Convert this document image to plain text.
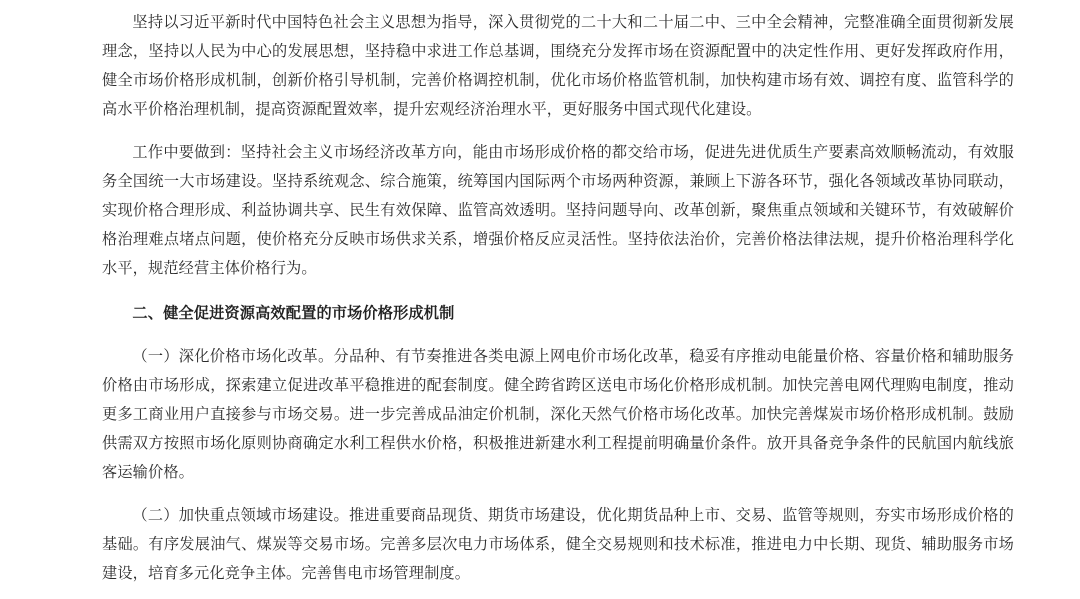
坚持以习近平新时代中国特色社会主义思想为指导，深入贯彻党的二十大和二十届二中、三中全会精神，完整准确全面贯彻新发展理念，坚持以人民为中心的发展思想，坚持稳中求进工作总基调，围绕充分发挥市场在资源配置中的决定性作用、更好发挥政府作用，健全市场价格形成机制，创新价格引导机制，完善价格调控机制，优化市场价格监管机制，加快构建市场有效、调控有度、监管科学的高水平价格治理机制，提高资源配置效率，提升宏观经济治理水平，更好服务中国式现代化建设。

工作中要做到：坚持社会主义市场经济改革方向，能由市场形成价格的都交给市场，促进先进优质生产要素高效顺畅流动，有效服务全国统一大市场建设。坚持系统观念、综合施策，统筹国内国际两个市场两种资源，兼顾上下游各环节，强化各领域改革协同联动，实现价格合理形成、利益协调共享、民生有效保障、监管高效透明。坚持问题导向、改革创新，聚焦重点领域和关键环节，有效破解价格治理难点堵点问题，使价格充分反映市场供求关系，增强价格反应灵活性。坚持依法治价，完善价格法律法规，提升价格治理科学化水平，规范经营主体价格行为。

二、健全促进资源高效配置的市场价格形成机制

（一）深化价格市场化改革。分品种、有节奏推进各类电源上网电价市场化改革，稳妥有序推动电能量价格、容量价格和辅助服务价格由市场形成，探索建立促进改革平稳推进的配套制度。健全跨省跨区送电市场化价格形成机制。加快完善电网代理购电制度，推动更多工商业用户直接参与市场交易。进一步完善成品油定价机制，深化天然气价格市场化改革。加快完善煤炭市场价格形成机制。鼓励供需双方按照市场化原则协商确定水利工程供水价格，积极推进新建水利工程提前明确量价条件。放开具备竞争条件的民航国内航线旅客运输价格。

（二）加快重点领域市场建设。推进重要商品现货、期货市场建设，优化期货品种上市、交易、监管等规则，夯实市场形成价格的基础。有序发展油气、煤炭等交易市场。完善多层次电力市场体系，健全交易规则和技术标准，推进电力中长期、现货、辅助服务市场建设，培育多元化竞争主体。完善售电市场管理制度。
